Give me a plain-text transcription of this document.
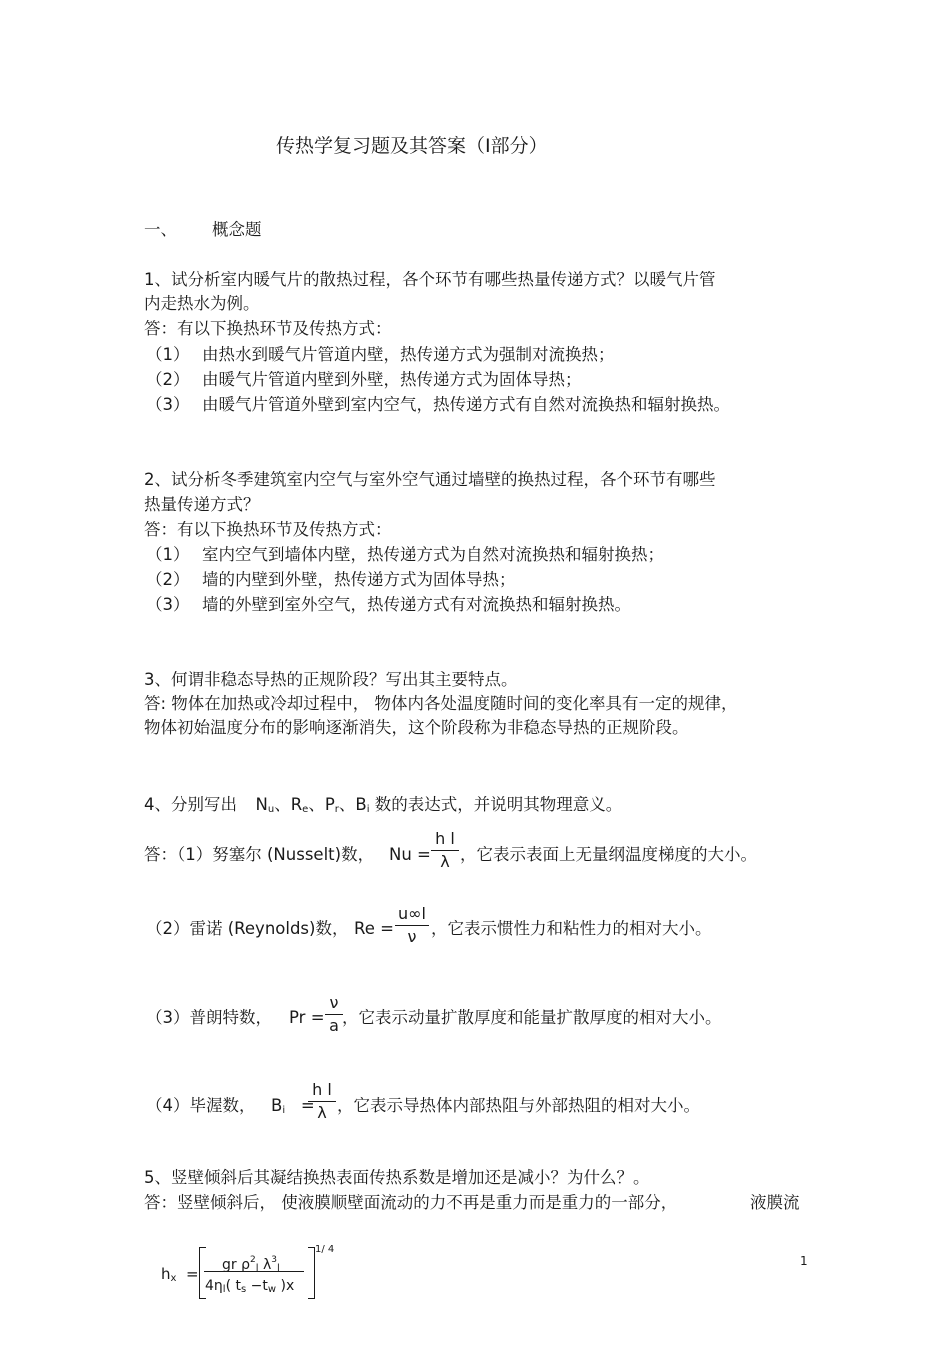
传热学复习题及其答案（Ⅰ部分）
一、 概念题
1、试分析室内暖气片的散热过程，各个环节有哪些热量传递方式？以暖气片管
内走热水为例。
答：有以下换热环节及传热方式：
（1） 由热水到暖气片管道内壁，热传递方式为强制对流换热；
（2） 由暖气片管道内壁到外壁，热传递方式为固体导热；
（3） 由暖气片管道外壁到室内空气，热传递方式有自然对流换热和辐射换热。
2、试分析冬季建筑室内空气与室外空气通过墙壁的换热过程，各个环节有哪些
热量传递方式？
答：有以下换热环节及传热方式：
（1） 室内空气到墙体内壁，热传递方式为自然对流换热和辐射换热；
（2） 墙的内壁到外壁，热传递方式为固体导热；
（3） 墙的外壁到室外空气，热传递方式有对流换热和辐射换热。
3、何谓非稳态导热的正规阶段？写出其主要特点。
答: 物体在加热或冷却过程中， 物体内各处温度随时间的变化率具有一定的规律，
物体初始温度分布的影响逐渐消失，这个阶段称为非稳态导热的正规阶段。
4、分别写出 $N_u$、$R_e$、$P_r$、$B_i$ 数的表达式，并说明其物理意义。
答：（1）努塞尔 (Nusselt)数， Nu =
h l
λ ，它表示表面上无量纲温度梯度的大小。
（2）雷诺 (Reynolds)数， Re =
u∞l
ν ，它表示惯性力和粘性力的相对大小。
（3）普朗特数， Pr =
ν
a ，它表示动量扩散厚度和能量扩散厚度的相对大小。
（4）毕渥数， $B_i$ =
h l
λ ，它表示导热体内部热阻与外部热阻的相对大小。
5、竖壁倾斜后其凝结换热表面传热系数是增加还是减小？为什么？。
答：竖壁倾斜后， 使液膜顺壁面流动的力不再是重力而是重力的一部分，	液膜流
$h_x$ = gr $\rho^2_l$ $\lambda^3_l$
$4\eta_l$( $t_s -t_w$ )x
1/ 4
1
